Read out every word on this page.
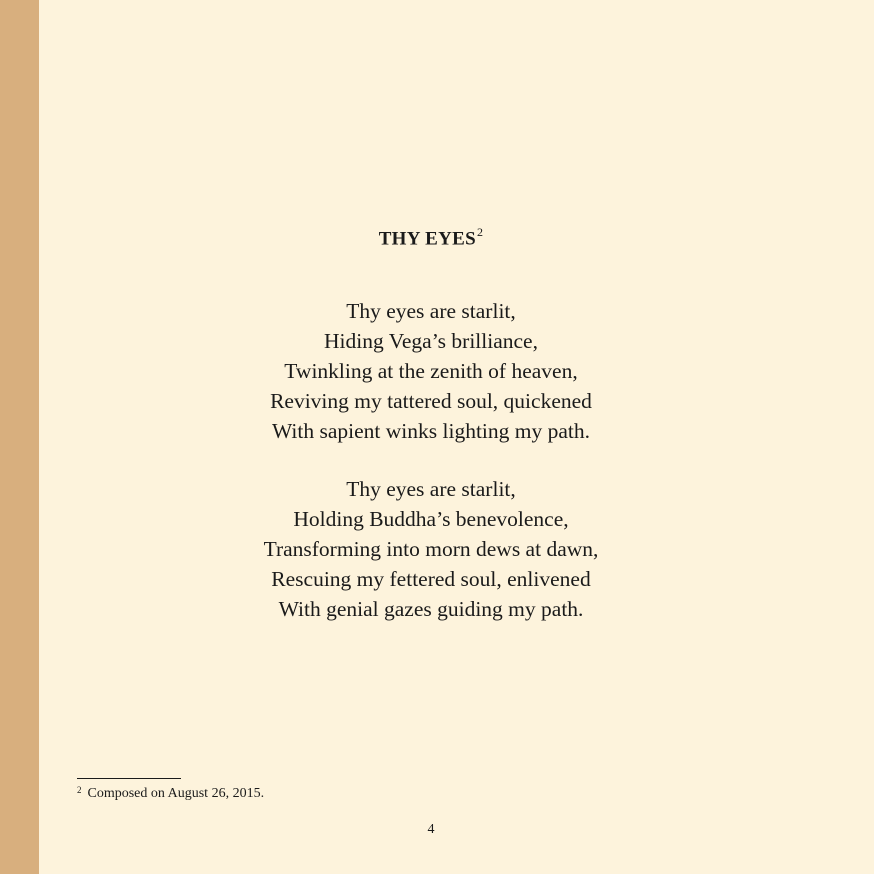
THY EYES$^2$
Thy eyes are starlit,
Hiding Vega’s brilliance,
Twinkling at the zenith of heaven,
Reviving my tattered soul, quickened
With sapient winks lighting my path.
Thy eyes are starlit,
Holding Buddha’s benevolence,
Transforming into morn dews at dawn,
Rescuing my fettered soul, enlivened
With genial gazes guiding my path.
$^2$ Composed on August 26, 2015.
4
